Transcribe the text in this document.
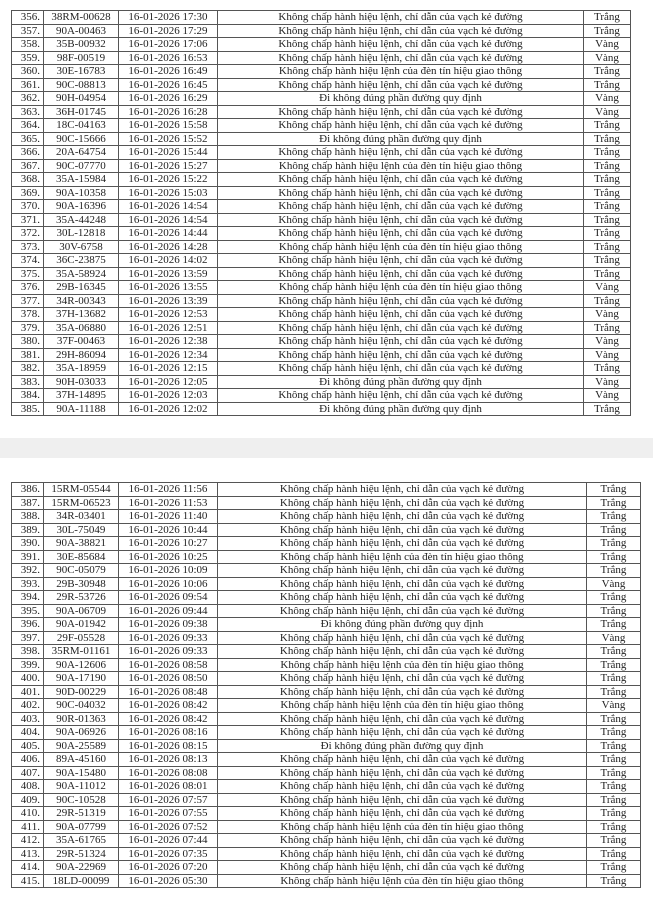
356.	38RM-00628	16-01-2026 17:30	Không chấp hành hiệu lệnh, chỉ dẫn của vạch kẻ đường	Trắng
357.	90A-00463	16-01-2026 17:29	Không chấp hành hiệu lệnh, chỉ dẫn của vạch kẻ đường	Trắng
358.	35B-00932	16-01-2026 17:06	Không chấp hành hiệu lệnh, chỉ dẫn của vạch kẻ đường	Vàng
359.	98F-00519	16-01-2026 16:53	Không chấp hành hiệu lệnh, chỉ dẫn của vạch kẻ đường	Vàng
360.	30E-16783	16-01-2026 16:49	Không chấp hành hiệu lệnh của đèn tín hiệu giao thông	Trắng
361.	90C-08813	16-01-2026 16:45	Không chấp hành hiệu lệnh, chỉ dẫn của vạch kẻ đường	Trắng
362.	90H-04954	16-01-2026 16:29	Đi không đúng phần đường quy định	Vàng
363.	36H-01745	16-01-2026 16:28	Không chấp hành hiệu lệnh, chỉ dẫn của vạch kẻ đường	Vàng
364.	18C-04163	16-01-2026 15:58	Không chấp hành hiệu lệnh, chỉ dẫn của vạch kẻ đường	Trắng
365.	90C-15666	16-01-2026 15:52	Đi không đúng phần đường quy định	Trắng
366.	20A-64754	16-01-2026 15:44	Không chấp hành hiệu lệnh, chỉ dẫn của vạch kẻ đường	Trắng
367.	90C-07770	16-01-2026 15:27	Không chấp hành hiệu lệnh của đèn tín hiệu giao thông	Trắng
368.	35A-15984	16-01-2026 15:22	Không chấp hành hiệu lệnh, chỉ dẫn của vạch kẻ đường	Trắng
369.	90A-10358	16-01-2026 15:03	Không chấp hành hiệu lệnh, chỉ dẫn của vạch kẻ đường	Trắng
370.	90A-16396	16-01-2026 14:54	Không chấp hành hiệu lệnh, chỉ dẫn của vạch kẻ đường	Trắng
371.	35A-44248	16-01-2026 14:54	Không chấp hành hiệu lệnh, chỉ dẫn của vạch kẻ đường	Trắng
372.	30L-12818	16-01-2026 14:44	Không chấp hành hiệu lệnh, chỉ dẫn của vạch kẻ đường	Trắng
373.	30V-6758	16-01-2026 14:28	Không chấp hành hiệu lệnh của đèn tín hiệu giao thông	Trắng
374.	36C-23875	16-01-2026 14:02	Không chấp hành hiệu lệnh, chỉ dẫn của vạch kẻ đường	Trắng
375.	35A-58924	16-01-2026 13:59	Không chấp hành hiệu lệnh, chỉ dẫn của vạch kẻ đường	Trắng
376.	29B-16345	16-01-2026 13:55	Không chấp hành hiệu lệnh của đèn tín hiệu giao thông	Vàng
377.	34R-00343	16-01-2026 13:39	Không chấp hành hiệu lệnh, chỉ dẫn của vạch kẻ đường	Trắng
378.	37H-13682	16-01-2026 12:53	Không chấp hành hiệu lệnh, chỉ dẫn của vạch kẻ đường	Vàng
379.	35A-06880	16-01-2026 12:51	Không chấp hành hiệu lệnh, chỉ dẫn của vạch kẻ đường	Trắng
380.	37F-00463	16-01-2026 12:38	Không chấp hành hiệu lệnh, chỉ dẫn của vạch kẻ đường	Vàng
381.	29H-86094	16-01-2026 12:34	Không chấp hành hiệu lệnh, chỉ dẫn của vạch kẻ đường	Vàng
382.	35A-18959	16-01-2026 12:15	Không chấp hành hiệu lệnh, chỉ dẫn của vạch kẻ đường	Trắng
383.	90H-03033	16-01-2026 12:05	Đi không đúng phần đường quy định	Vàng
384.	37H-14895	16-01-2026 12:03	Không chấp hành hiệu lệnh, chỉ dẫn của vạch kẻ đường	Vàng
385.	90A-11188	16-01-2026 12:02	Đi không đúng phần đường quy định	Trắng
386.	15RM-05544	16-01-2026 11:56	Không chấp hành hiệu lệnh, chỉ dẫn của vạch kẻ đường	Trắng
387.	15RM-06523	16-01-2026 11:53	Không chấp hành hiệu lệnh, chỉ dẫn của vạch kẻ đường	Trắng
388.	34R-03401	16-01-2026 11:40	Không chấp hành hiệu lệnh, chỉ dẫn của vạch kẻ đường	Trắng
389.	30L-75049	16-01-2026 10:44	Không chấp hành hiệu lệnh, chỉ dẫn của vạch kẻ đường	Trắng
390.	90A-38821	16-01-2026 10:27	Không chấp hành hiệu lệnh, chỉ dẫn của vạch kẻ đường	Trắng
391.	30E-85684	16-01-2026 10:25	Không chấp hành hiệu lệnh của đèn tín hiệu giao thông	Trắng
392.	90C-05079	16-01-2026 10:09	Không chấp hành hiệu lệnh, chỉ dẫn của vạch kẻ đường	Trắng
393.	29B-30948	16-01-2026 10:06	Không chấp hành hiệu lệnh, chỉ dẫn của vạch kẻ đường	Vàng
394.	29R-53726	16-01-2026 09:54	Không chấp hành hiệu lệnh, chỉ dẫn của vạch kẻ đường	Trắng
395.	90A-06709	16-01-2026 09:44	Không chấp hành hiệu lệnh, chỉ dẫn của vạch kẻ đường	Trắng
396.	90A-01942	16-01-2026 09:38	Đi không đúng phần đường quy định	Trắng
397.	29F-05528	16-01-2026 09:33	Không chấp hành hiệu lệnh, chỉ dẫn của vạch kẻ đường	Vàng
398.	35RM-01161	16-01-2026 09:33	Không chấp hành hiệu lệnh, chỉ dẫn của vạch kẻ đường	Trắng
399.	90A-12606	16-01-2026 08:58	Không chấp hành hiệu lệnh của đèn tín hiệu giao thông	Trắng
400.	90A-17190	16-01-2026 08:50	Không chấp hành hiệu lệnh, chỉ dẫn của vạch kẻ đường	Trắng
401.	90D-00229	16-01-2026 08:48	Không chấp hành hiệu lệnh, chỉ dẫn của vạch kẻ đường	Trắng
402.	90C-04032	16-01-2026 08:42	Không chấp hành hiệu lệnh của đèn tín hiệu giao thông	Vàng
403.	90R-01363	16-01-2026 08:42	Không chấp hành hiệu lệnh, chỉ dẫn của vạch kẻ đường	Trắng
404.	90A-06926	16-01-2026 08:16	Không chấp hành hiệu lệnh, chỉ dẫn của vạch kẻ đường	Trắng
405.	90A-25589	16-01-2026 08:15	Đi không đúng phần đường quy định	Trắng
406.	89A-45160	16-01-2026 08:13	Không chấp hành hiệu lệnh, chỉ dẫn của vạch kẻ đường	Trắng
407.	90A-15480	16-01-2026 08:08	Không chấp hành hiệu lệnh, chỉ dẫn của vạch kẻ đường	Trắng
408.	90A-11012	16-01-2026 08:01	Không chấp hành hiệu lệnh, chỉ dẫn của vạch kẻ đường	Trắng
409.	90C-10528	16-01-2026 07:57	Không chấp hành hiệu lệnh, chỉ dẫn của vạch kẻ đường	Trắng
410.	29R-51319	16-01-2026 07:55	Không chấp hành hiệu lệnh, chỉ dẫn của vạch kẻ đường	Trắng
411.	90A-07799	16-01-2026 07:52	Không chấp hành hiệu lệnh của đèn tín hiệu giao thông	Trắng
412.	35A-61765	16-01-2026 07:44	Không chấp hành hiệu lệnh, chỉ dẫn của vạch kẻ đường	Trắng
413.	29R-51324	16-01-2026 07:35	Không chấp hành hiệu lệnh, chỉ dẫn của vạch kẻ đường	Trắng
414.	90A-22969	16-01-2026 07:20	Không chấp hành hiệu lệnh, chỉ dẫn của vạch kẻ đường	Trắng
415.	18LD-00099	16-01-2026 05:30	Không chấp hành hiệu lệnh của đèn tín hiệu giao thông	Trắng
